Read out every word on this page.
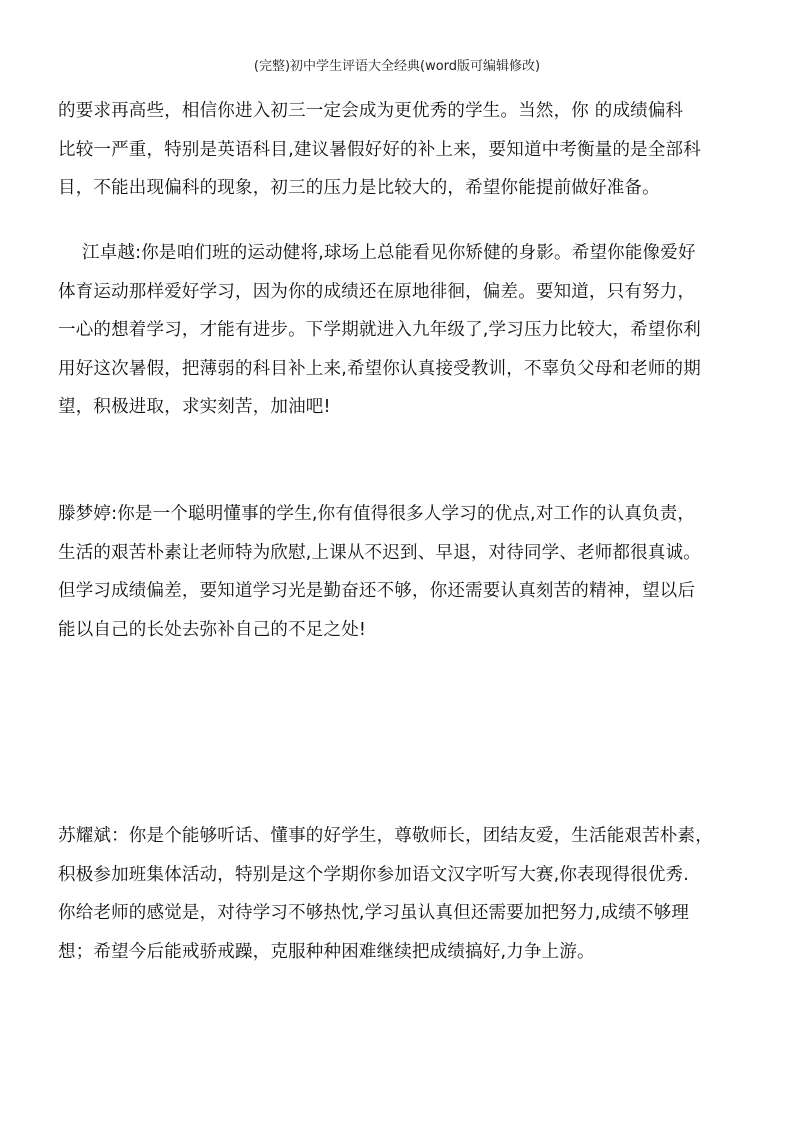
(完整)初中学生评语大全经典(word版可编辑修改)
的要求再高些，相信你进入初三一定会成为更优秀的学生。当然，你 的成绩偏科
比较一严重，特别是英语科目,建议暑假好好的补上来，要知道中考衡量的是全部科
目，不能出现偏科的现象，初三的压力是比较大的，希望你能提前做好准备。
江卓越:你是咱们班的运动健将,球场上总能看见你矫健的身影。希望你能像爱好
体育运动那样爱好学习，因为你的成绩还在原地徘徊，偏差。要知道，只有努力，
一心的想着学习，才能有进步。下学期就进入九年级了,学习压力比较大，希望你利
用好这次暑假，把薄弱的科目补上来,希望你认真接受教训，不辜负父母和老师的期
望，积极进取，求实刻苦，加油吧!
滕梦婷:你是一个聪明懂事的学生,你有值得很多人学习的优点,对工作的认真负责，
生活的艰苦朴素让老师特为欣慰,上课从不迟到、早退，对待同学、老师都很真诚。
但学习成绩偏差，要知道学习光是勤奋还不够，你还需要认真刻苦的精神，望以后
能以自己的长处去弥补自己的不足之处!
苏耀斌：你是个能够听话、懂事的好学生，尊敬师长，团结友爱，生活能艰苦朴素，
积极参加班集体活动，特别是这个学期你参加语文汉字听写大赛,你表现得很优秀.
你给老师的感觉是，对待学习不够热忱,学习虽认真但还需要加把努力,成绩不够理
想；希望今后能戒骄戒躁，克服种种困难继续把成绩搞好,力争上游。
